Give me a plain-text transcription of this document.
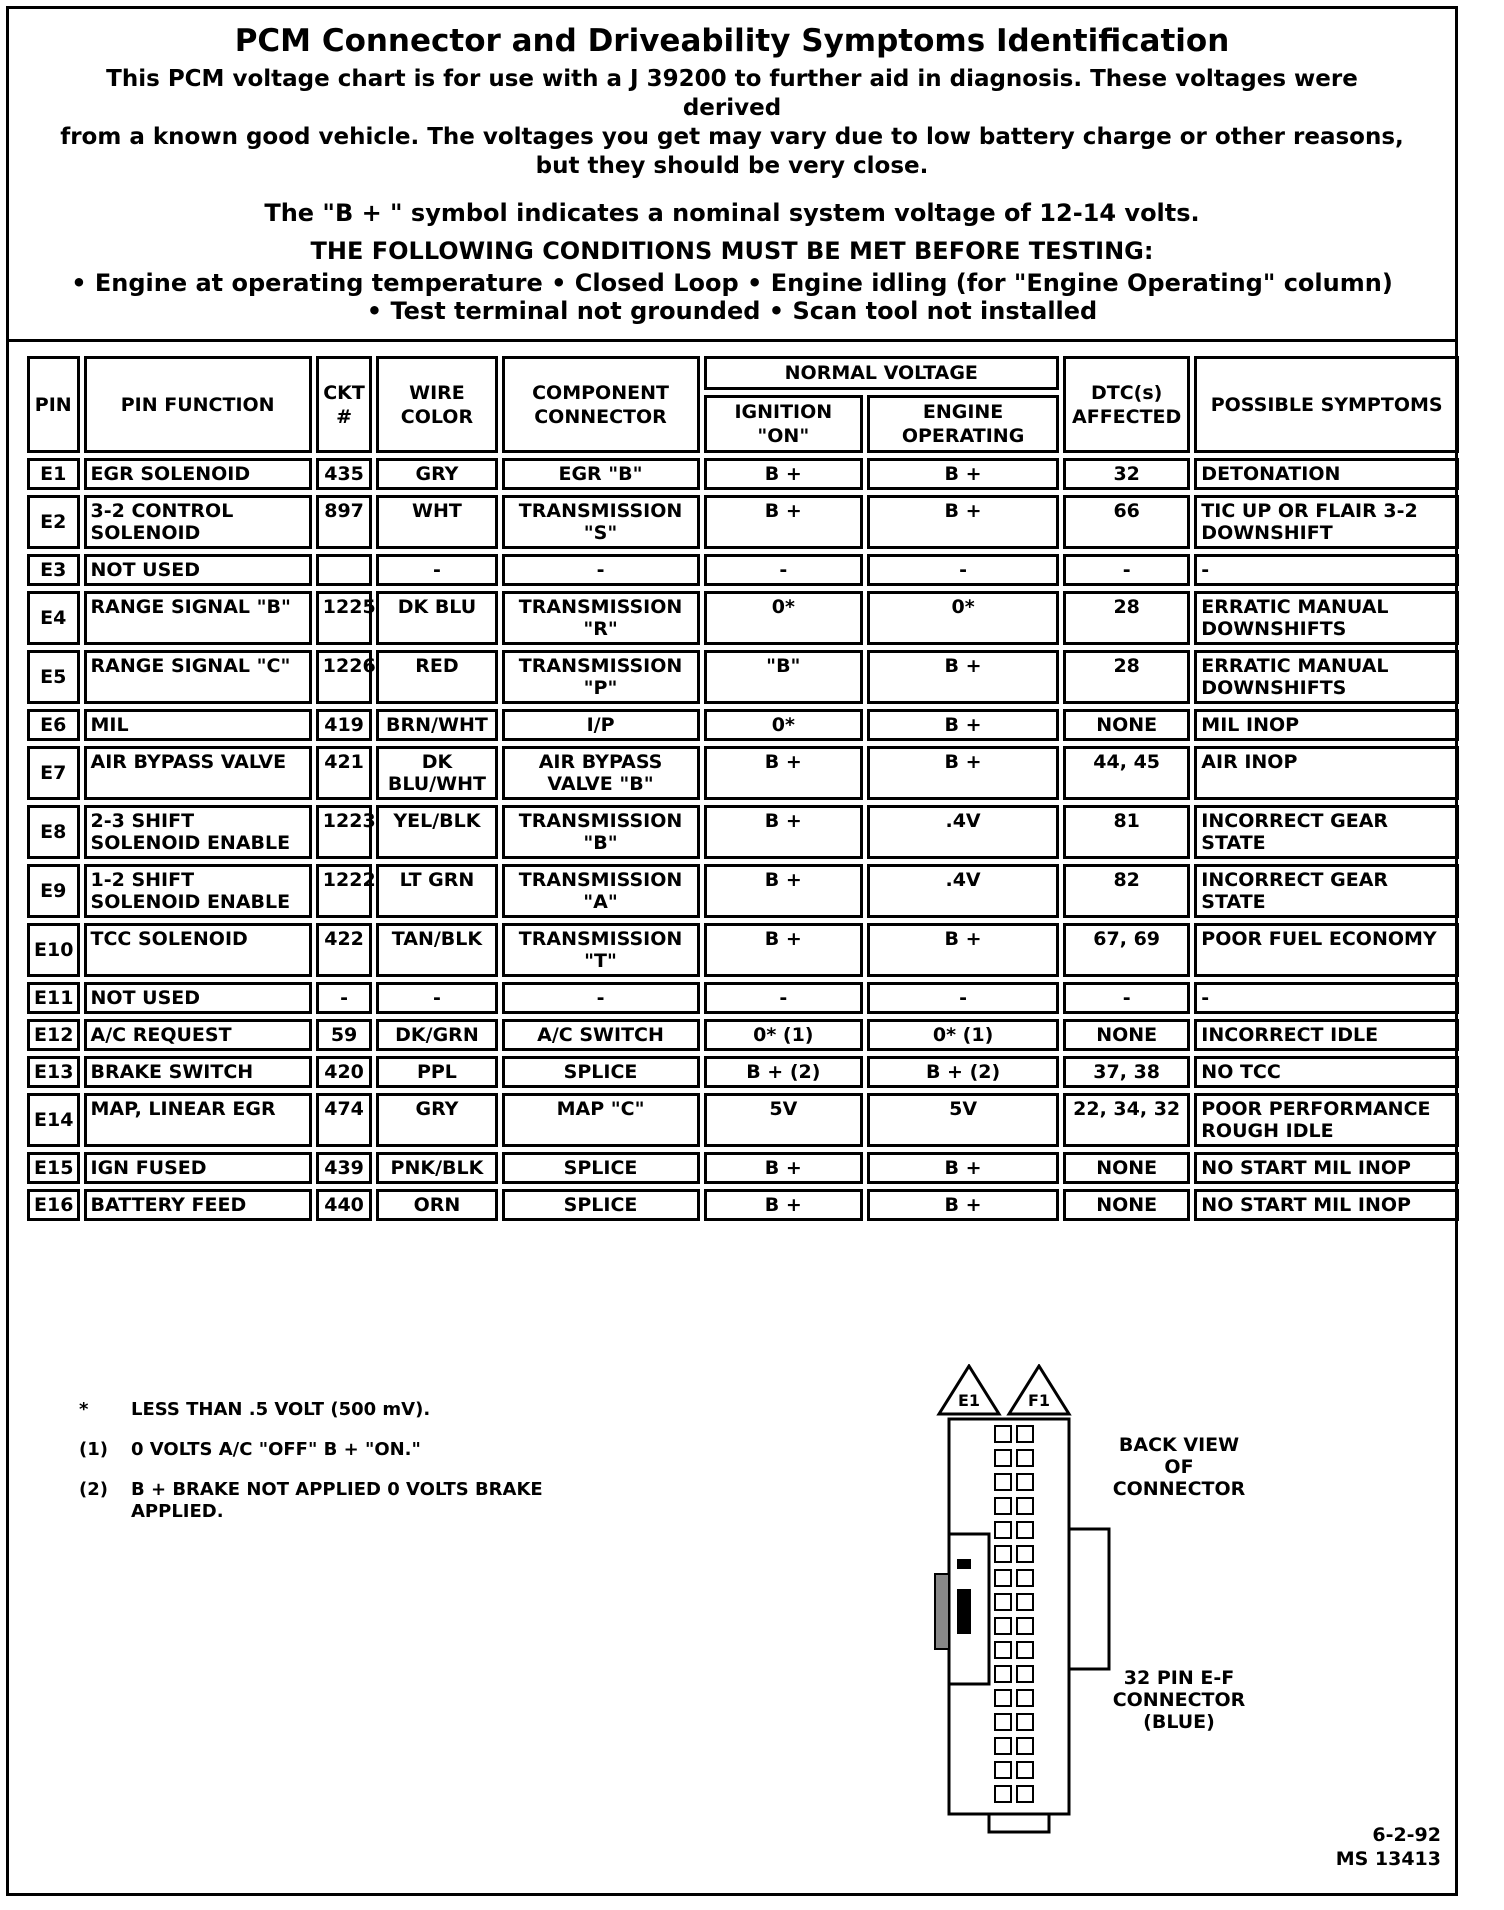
PCM Connector and Driveability Symptoms Identification
This PCM voltage chart is for use with a J 39200 to further aid in diagnosis. These voltages were derived
from a known good vehicle. The voltages you get may vary due to low battery charge or other reasons,
but they should be very close.
The "B + " symbol indicates a nominal system voltage of 12-14 volts.
THE FOLLOWING CONDITIONS MUST BE MET BEFORE TESTING:
• Engine at operating temperature • Closed Loop • Engine idling (for "Engine Operating" column)
• Test terminal not grounded • Scan tool not installed
PIN	PIN FUNCTION	CKT #	WIRE COLOR	COMPONENT CONNECTOR	NORMAL VOLTAGE		DTC(s) AFFECTED	POSSIBLE SYMPTOMS
					IGNITION "ON"	ENGINE OPERATING		
E1	EGR SOLENOID	435	GRY	EGR "B"	B +	B +	32	DETONATION
E2	3-2 CONTROL SOLENOID	897	WHT	TRANSMISSION "S"	B +	B +	66	TIC UP OR FLAIR 3-2 DOWNSHIFT
E3	NOT USED		-	-	-	-	-	-
E4	RANGE SIGNAL "B"	1225	DK BLU	TRANSMISSION "R"	0*	0*	28	ERRATIC MANUAL DOWNSHIFTS
E5	RANGE SIGNAL "C"	1226	RED	TRANSMISSION "P"	"B"	B +	28	ERRATIC MANUAL DOWNSHIFTS
E6	MIL	419	BRN/WHT	I/P	0*	B +	NONE	MIL INOP
E7	AIR BYPASS VALVE	421	DK BLU/WHT	AIR BYPASS VALVE "B"	B +	B +	44, 45	AIR INOP
E8	2-3 SHIFT SOLENOID ENABLE	1223	YEL/BLK	TRANSMISSION "B"	B +	.4V	81	INCORRECT GEAR STATE
E9	1-2 SHIFT SOLENOID ENABLE	1222	LT GRN	TRANSMISSION "A"	B +	.4V	82	INCORRECT GEAR STATE
E10	TCC SOLENOID	422	TAN/BLK	TRANSMISSION "T"	B +	B +	67, 69	POOR FUEL ECONOMY
E11	NOT USED	-	-	-	-	-	-	-
E12	A/C REQUEST	59	DK/GRN	A/C SWITCH	0* (1)	0* (1)	NONE	INCORRECT IDLE
E13	BRAKE SWITCH	420	PPL	SPLICE	B + (2)	B + (2)	37, 38	NO TCC
E14	MAP, LINEAR EGR	474	GRY	MAP "C"	5V	5V	22, 34, 32	POOR PERFORMANCE ROUGH IDLE
E15	IGN FUSED	439	PNK/BLK	SPLICE	B +	B +	NONE	NO START MIL INOP
E16	BATTERY FEED	440	ORN	SPLICE	B +	B +	NONE	NO START MIL INOP
*	LESS THAN .5 VOLT (500 mV).
(1)	0 VOLTS A/C "OFF" B + "ON."
(2)	B + BRAKE NOT APPLIED 0 VOLTS BRAKE APPLIED.
E1	F1
BACK VIEW OF CONNECTOR
32 PIN E-F CONNECTOR (BLUE)
6-2-92
MS 13413
